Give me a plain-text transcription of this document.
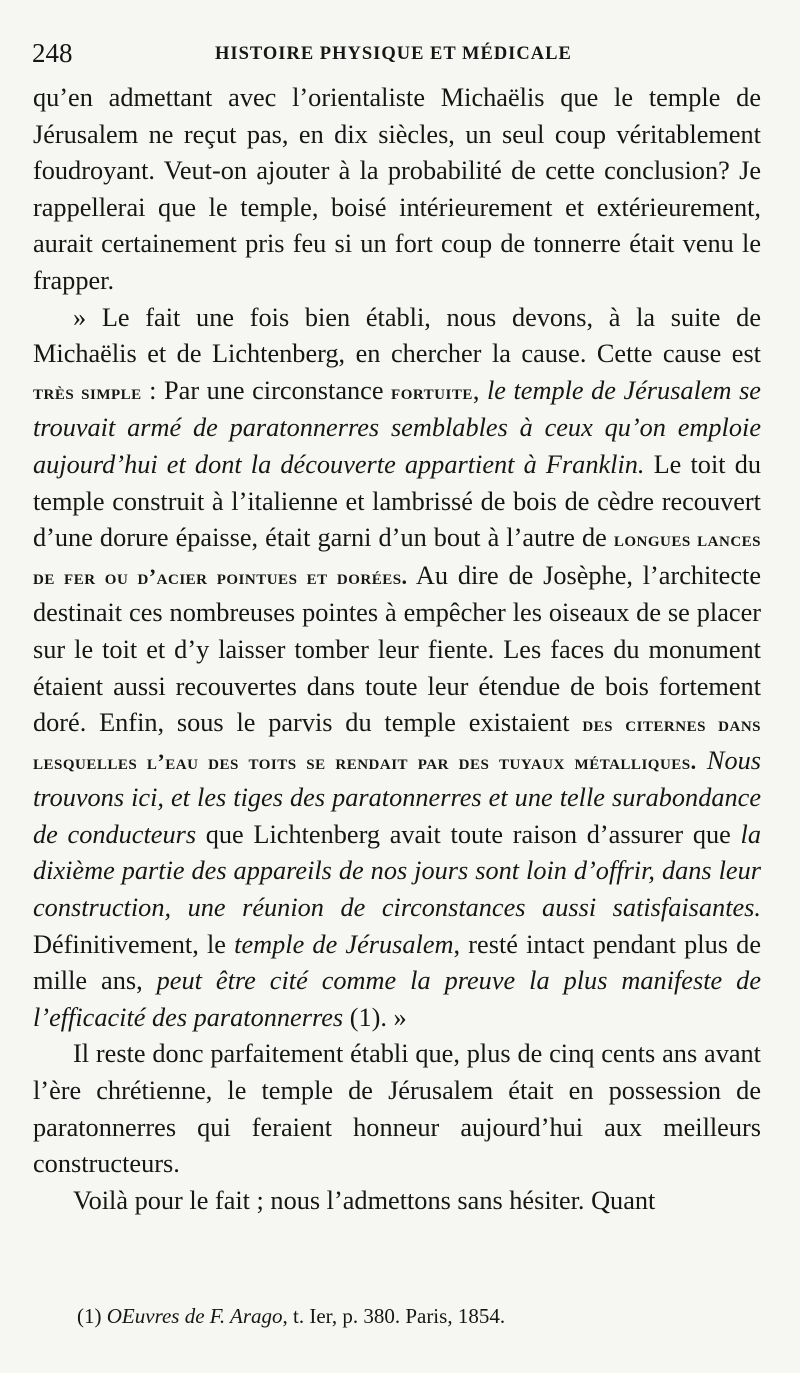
248	HISTOIRE PHYSIQUE ET MÉDICALE

qu’en admettant avec l’orientaliste Michaëlis que le temple de Jérusalem ne reçut pas, en dix siècles, un seul coup véritablement foudroyant. Veut-on ajouter à la probabilité de cette conclusion? Je rappellerai que le temple, boisé intérieurement et extérieurement, aurait certainement pris feu si un fort coup de tonnerre était venu le frapper.

» Le fait une fois bien établi, nous devons, à la suite de Michaëlis et de Lichtenberg, en chercher la cause. Cette cause est très simple : Par une circonstance fortuite, le temple de Jérusalem se trouvait armé de paratonnerres semblables à ceux qu’on emploie aujourd’hui et dont la découverte appartient à Franklin. Le toit du temple construit à l’italienne et lambrissé de bois de cèdre recouvert d’une dorure épaisse, était garni d’un bout à l’autre de longues lances de fer ou d’acier pointues et dorées. Au dire de Josèphe, l’architecte destinait ces nombreuses pointes à empêcher les oiseaux de se placer sur le toit et d’y laisser tomber leur fiente. Les faces du monument étaient aussi recouvertes dans toute leur étendue de bois fortement doré. Enfin, sous le parvis du temple existaient des citernes dans lesquelles l’eau des toits se rendait par des tuyaux métalliques. Nous trouvons ici, et les tiges des paratonnerres et une telle surabondance de conducteurs que Lichtenberg avait toute raison d’assurer que la dixième partie des appareils de nos jours sont loin d’offrir, dans leur construction, une réunion de circonstances aussi satisfaisantes. Définitivement, le temple de Jérusalem, resté intact pendant plus de mille ans, peut être cité comme la preuve la plus manifeste de l’efficacité des paratonnerres (1). »

Il reste donc parfaitement établi que, plus de cinq cents ans avant l’ère chrétienne, le temple de Jérusalem était en possession de paratonnerres qui feraient honneur aujourd’hui aux meilleurs constructeurs.

Voilà pour le fait ; nous l’admettons sans hésiter. Quant

(1) OEuvres de F. Arago, t. Ier, p. 380. Paris, 1854.
